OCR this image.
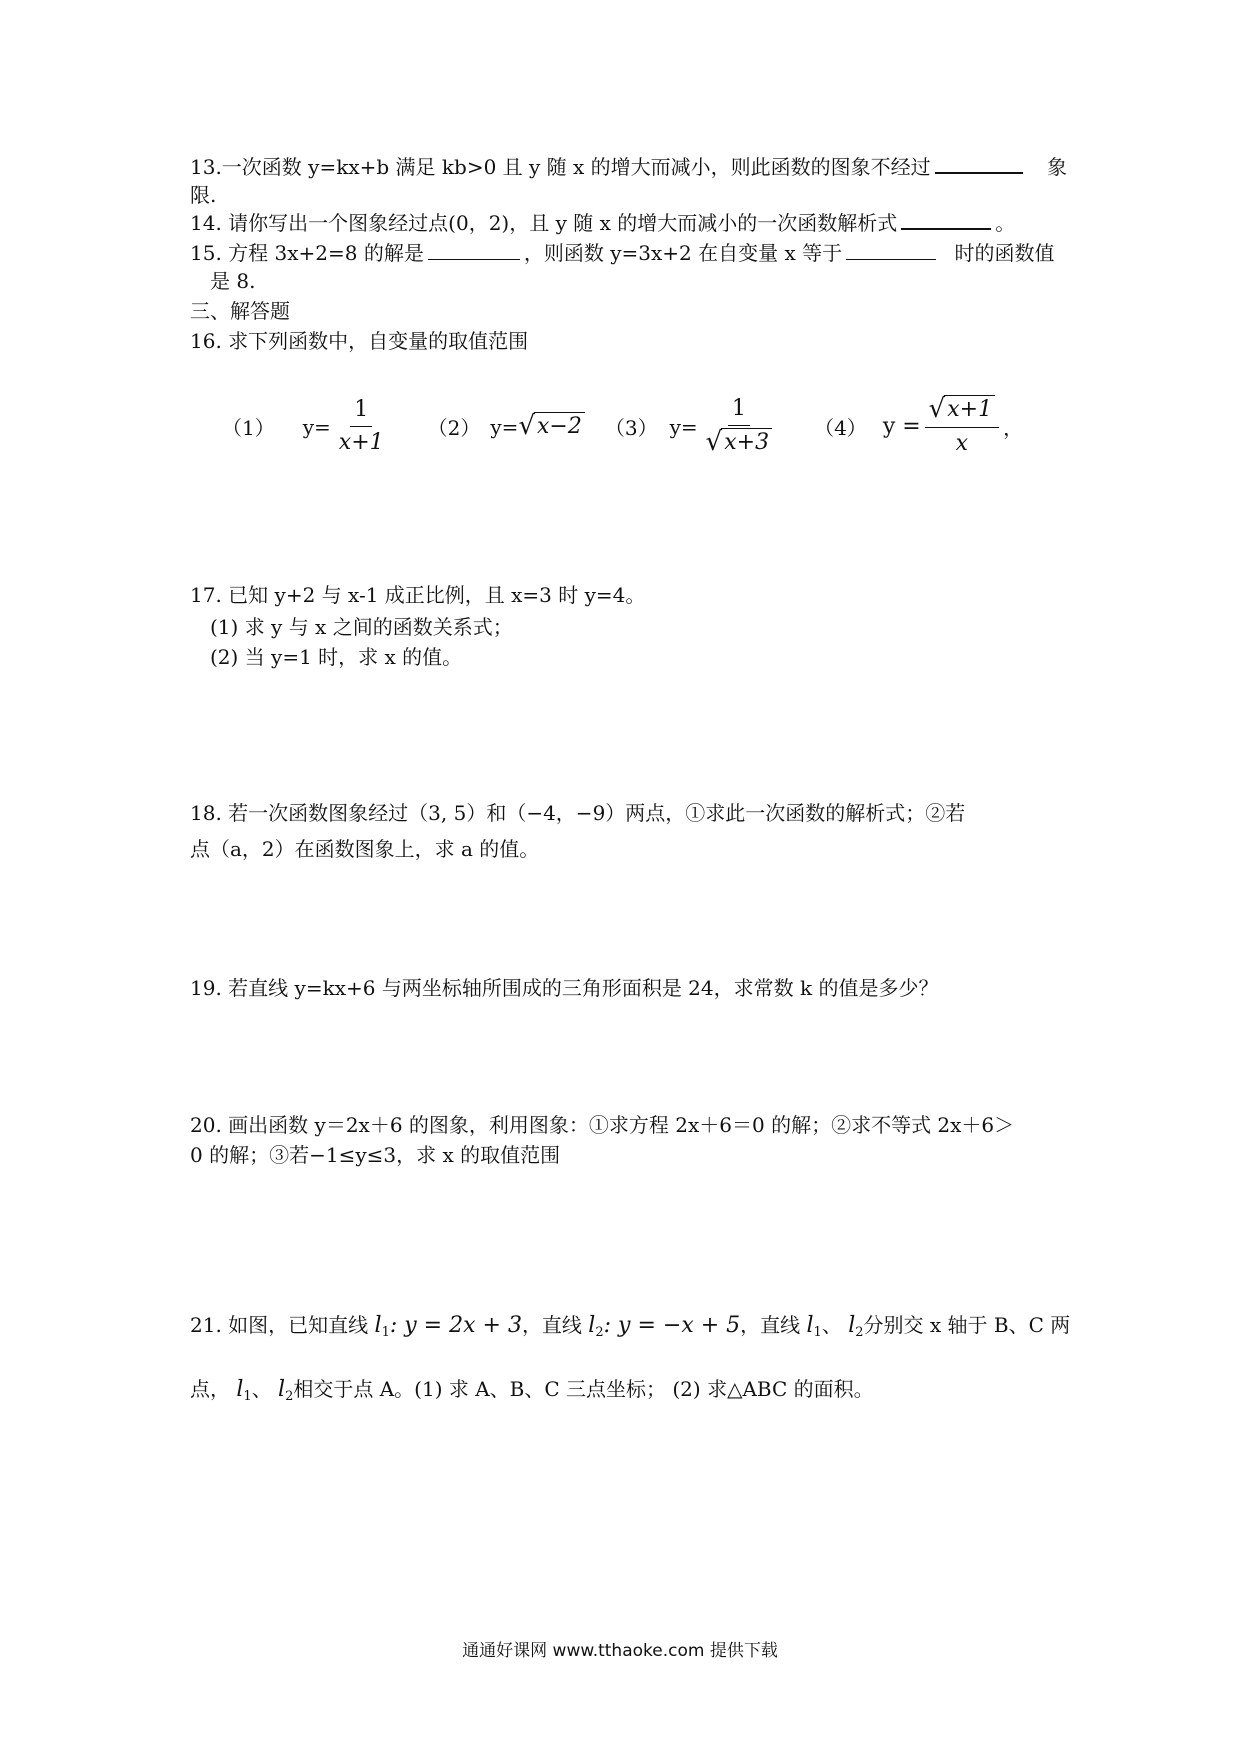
13.一次函数 y=kx+b 满足 kb>0 且 y 随 x 的增大而减小，则此函数的图象不经过	象
限.
14. 请你写出一个图象经过点(0，2)，且 y 随 x 的增大而减小的一次函数解析式	。
15. 方程 3x+2=8 的解是	，则函数 y=3x+2 在自变量 x 等于	时的函数值
是 8.
三、解答题
16. 求下列函数中，自变量的取值范围
（1） $y= \frac{1}{x+1} (2)$ y= √ x−2 （3） $y= \frac{1}{√ x+3} (4) y = \frac{√ x+1}{x}$ ，
17. 已知 y+2 与 x-1 成正比例，且 x=3 时 y=4。
(1) 求 y 与 x 之间的函数关系式；
(2) 当 y=1 时，求 x 的值。
18. 若一次函数图象经过（3, 5）和（−4，−9）两点，①求此一次函数的解析式；②若
点（a，2）在函数图象上，求 a 的值。
19. 若直线 y=kx+6 与两坐标轴所围成的三角形面积是 24，求常数 k 的值是多少？
20. 画出函数 y＝2x＋6 的图象，利用图象：①求方程 2x＋6＝0 的解；②求不等式 2x＋6＞
0 的解；③若−1≤y≤3，求 x 的取值范围
21. 如图，已知直线 $l_1$: y = 2x + 3，直线 $l_2$: y = −x + 5，直线 $l_1$、 $l_2$分别交 x 轴于 B、C 两
点， $l_1$、 $l_2$相交于点 A。(1) 求 A、B、C 三点坐标； (2) 求△ABC 的面积。
通通好课网 www.tthaoke.com 提供下载
